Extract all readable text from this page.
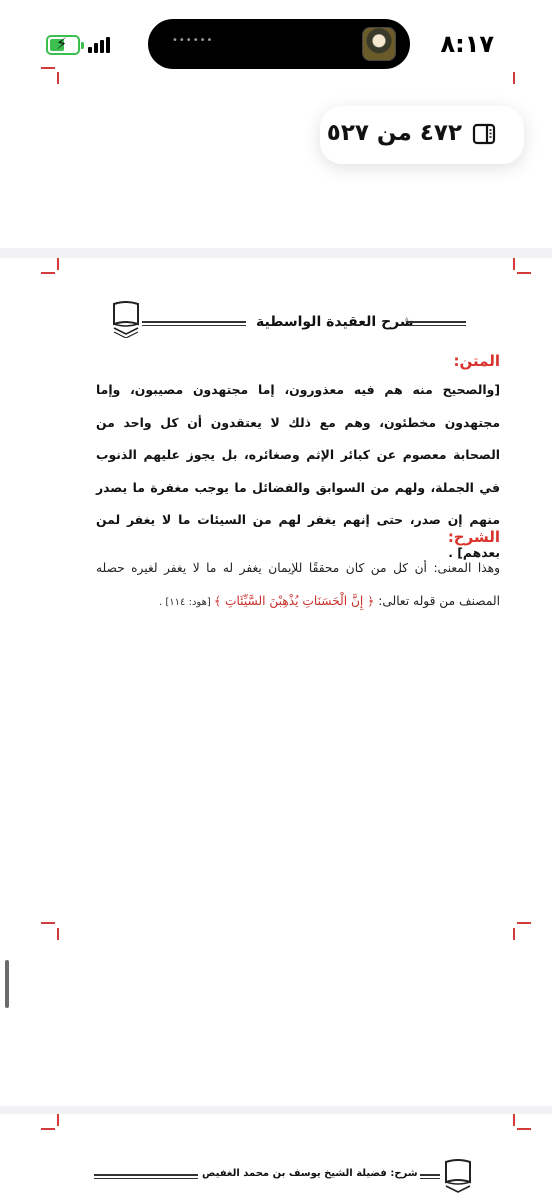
⚡	••••••	٨:١٧
٤٧٢ من ٥٢٧
شرح العقيدة الواسطية
المتن:
[والصحيح منه هم فيه معذورون، إما مجتهدون مصيبون، وإما مجتهدون مخطئون، وهم مع ذلك لا يعتقدون أن كل واحد من الصحابة معصوم عن كبائر الإثم وصغائره، بل يجوز عليهم الذنوب في الجملة، ولهم من السوابق والفضائل ما يوجب مغفرة ما يصدر منهم إن صدر، حتى إنهم يغفر لهم من السيئات ما لا يغفر لمن بعدهم] .
الشرح:
وهذا المعنى: أن كل من كان محققًا للإيمان يغفر له ما لا يغفر لغيره حصله المصنف من قوله تعالى: ﴿ إِنَّ الْحَسَنَاتِ يُذْهِبْنَ السَّيِّئَاتِ ﴾ [هود: ١١٤] .
شرح: فضيلة الشيخ يوسف بن محمد الغفيص
